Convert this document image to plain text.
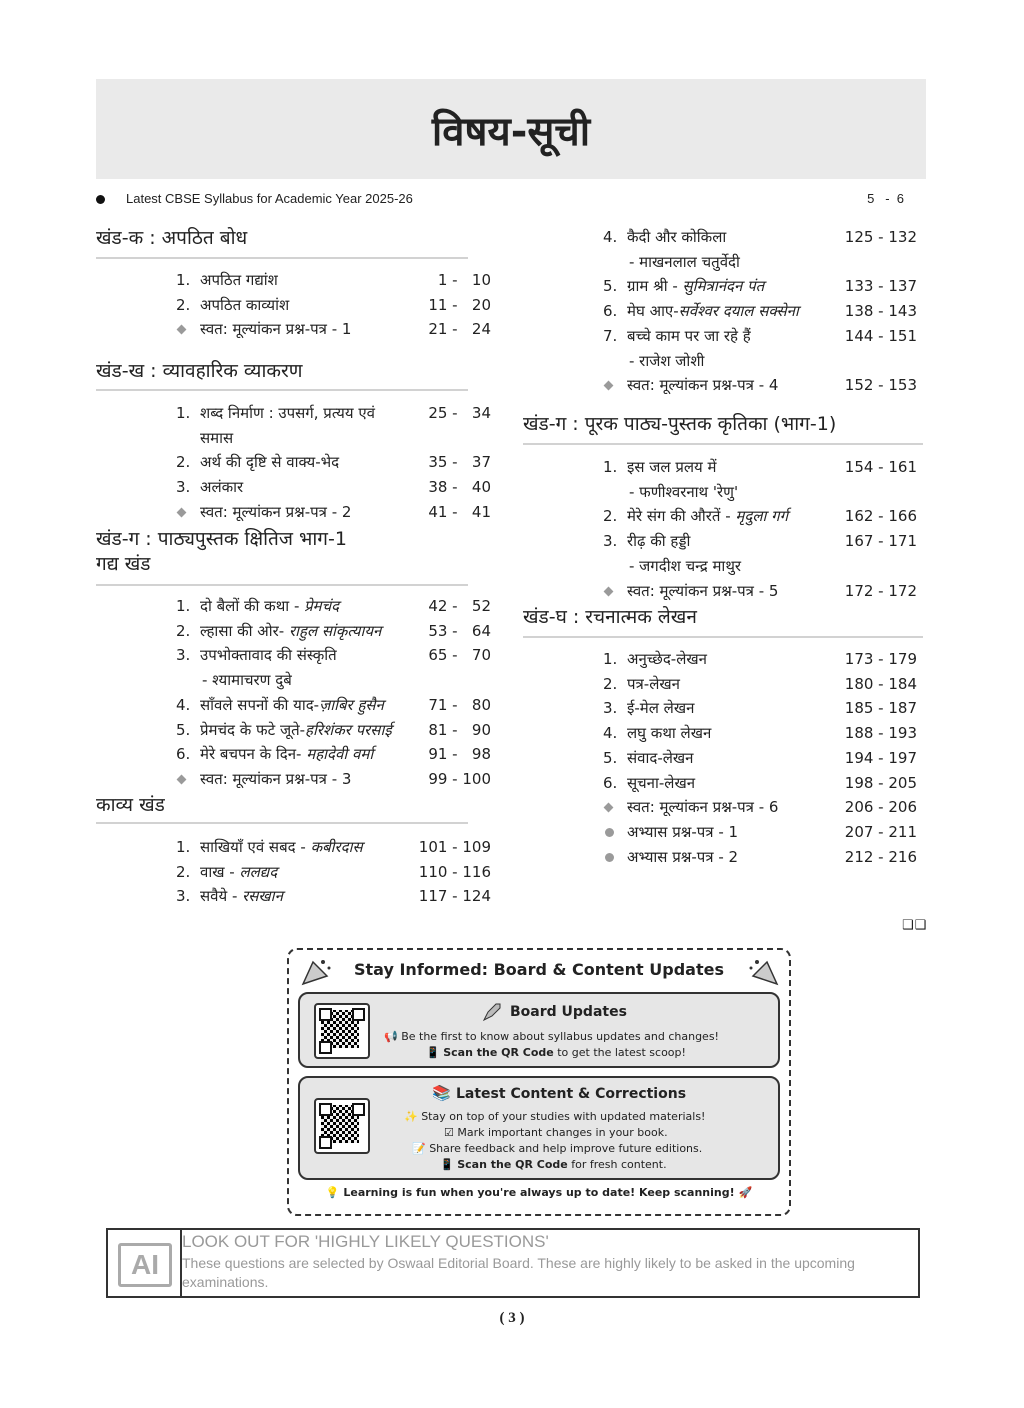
विषय-सूची
Latest CBSE Syllabus for Academic Year 2025-26	5   -  6
खंड-क : अपठित बोध
1. अपठित गद्यांश	1 -   10
2. अपठित काव्यांश	11 -   20
स्वत: मूल्यांकन प्रश्न-पत्र - 1	21 -   24
खंड-ख : व्यावहारिक व्याकरण
1. शब्द निर्माण : उपसर्ग, प्रत्यय एवं	25 -   34
समास
2. अर्थ की दृष्टि से वाक्य-भेद	35 -   37
3. अलंकार	38 -   40
स्वत: मूल्यांकन प्रश्न-पत्र - 2	41 -   41
खंड-ग : पाठ्यपुस्तक क्षितिज भाग-1
गद्य खंड
1. दो बैलों की कथा - प्रेमचंद	42 -   52
2. ल्हासा की ओर- राहुल सांकृत्यायन	53 -   64
3. उपभोक्तावाद की संस्कृति	65 -   70
- श्यामाचरण दुबे
4. साँवले सपनों की याद-ज़ाबिर हुसैन	71 -   80
5. प्रेमचंद के फटे जूते-हरिशंकर परसाई 81 -   90
6. मेरे बचपन के दिन- महादेवी वर्मा	91 -   98
स्वत: मूल्यांकन प्रश्न-पत्र - 3	99 - 100
काव्य खंड
1. साखियाँ एवं सबद - कबीरदास	101 - 109
2. वाख - ललद्यद	110 - 116
3. सवैये - रसखान	117 - 124
4. कैदी और कोकिला	125 - 132
- माखनलाल चतुर्वेदी
5. ग्राम श्री - सुमित्रानंदन पंत	133 - 137
6. मेघ आए-सर्वेश्वर दयाल सक्सेना	138 - 143
7. बच्चे काम पर जा रहे हैं	144 - 151
- राजेश जोशी
स्वत: मूल्यांकन प्रश्न-पत्र - 4	152 - 153
खंड-ग : पूरक पाठ्य-पुस्तक कृतिका (भाग-1)
1. इस जल प्रलय में	154 - 161
- फणीश्वरनाथ 'रेणु'
2. मेरे संग की औरतें - मृदुला गर्ग	162 - 166
3. रीढ़ की हड्डी	167 - 171
- जगदीश चन्द्र माथुर
स्वत: मूल्यांकन प्रश्न-पत्र - 5	172 - 172
खंड-घ : रचनात्मक लेखन
1. अनुच्छेद-लेखन	173 - 179
2. पत्र-लेखन	180 - 184
3. ई-मेल लेखन	185 - 187
4. लघु कथा लेखन	188 - 193
5. संवाद-लेखन	194 - 197
6. सूचना-लेखन	198 - 205
स्वत: मूल्यांकन प्रश्न-पत्र - 6	206 - 206
अभ्यास प्रश्न-पत्र - 1	207 - 211
अभ्यास प्रश्न-पत्र - 2	212 - 216
❑❑
Stay Informed: Board & Content Updates
Board Updates
📢 Be the first to know about syllabus updates and changes!
📱 Scan the QR Code to get the latest scoop!
📚 Latest Content & Corrections
✨ Stay on top of your studies with updated materials!
☑ Mark important changes in your book.
📝 Share feedback and help improve future editions.
📱 Scan the QR Code for fresh content.
💡 Learning is fun when you're always up to date! Keep scanning! 🚀
AI
LOOK OUT FOR 'HIGHLY LIKELY QUESTIONS'
These questions are selected by Oswaal Editorial Board. These are highly likely to be asked in the upcoming examinations.
( 3 )
